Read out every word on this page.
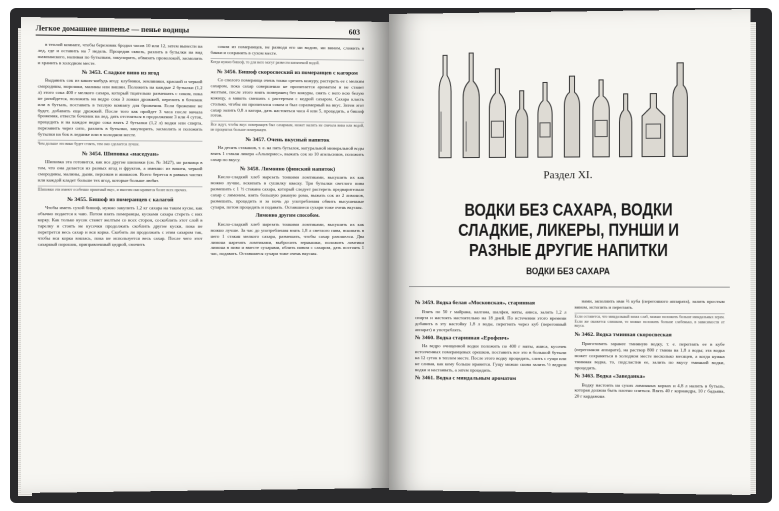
Легкое домашнее шипенье — пенье водицы	603

в теплой комнате, чтобы березовик бродил часов 10 или 12, затем вынести на лед, где и оставить на 7 недель. Процедив сквозь, разлить в бутылки на вид шампанского, наливая по бутылкам, закупорить, обвязать проволокой, засмолить и хранить в холодном месте.

№ 3453. Сладкое вино из ягод

Выдавить сок из каких-нибудь ягод: клубники, земляники, красной и черной смородины, морошки, малины или вишни. Положить на каждые 2 бутылки (1,2 л) этого сока 400 г мелкого сахара, который тщательно размешать с соком, пока не разойдется, положить на ведро сока 3 ложки дрожжей, перелить в бочонок или в бутыль, поставить в теплую комнату для брожения. Если брожение не будет, добавить еще дрожжей. После того как пройдет 3 часа после начала брожения, отвести бочонок на лед, дать отстояться в продолжение 3 или 4 суток, процедить и на каждое ведро сока взять 2 бутылки (1,2 л) водки или спирта, перезавить через сито, разлить в бутылки, закупорить, засмолить и положить бутылки на бок в леднике или в холодном месте.

Чем дольше это вино будет стоять, тем оно сделается лучше.
№ 3454. Шиповка «наседуан»

Шиповка эта готовится, как все другие шиповки (см. № 3427), но разница в том, что она делается из разных ягод и фруктов, а именно: из вишен, черной смородины, малины, дыни, персиков и ананасов. Всего берется в равных частях или каждой кладет больше тех ягод, которые больше любят.

Шиповки эти имеют особенно приятный вкус, и многим они нравятся более всех прочих.
№ 3455. Бишоф из померанцев с калагой

Чтобы иметь сухой бишоф, нужно закупить 1,2 кг сахара на таком куске, как обычно подается к чаю. Потом взять померанцы, кусками сахара стереть с них корку. Как только кусок станет желтым со всех сторон, соскоблить этот слой в тарелку и стоять не кусочки продолжать скоблить другие куски, пока не перетрется весь сахар и вся корка. Скобить ли продолжать с этим сахаром так, чтобы вся корка взялась, пока не используется весь сахар. После чего этот сахарный порошок, приправленный цедрой, смочить

соком из померанцев, не разводя его ни водою, ни вином, сложить в банки и сохранить в сухом месте.

Когда нужно бишоф, то для него могут развести кипяченой водой.
№ 3456. Бишоф скоросвеский из померанцев с кагором

Со спелого померанца очень тонко срезать кожуру, растереть ее с мелким сахаром, пока сахар совершенно не пропитается ароматом и не станет желтым, после этого взять померанец без кожуры, снять с него всю белую кожицу, а мякоть смешать с растертым с кедрой сахаром. Сахара класть столько, чтобы он пропитался соком и был соразмерный на вкус. Затем этот сахар залить 0,8 л кагора, дать настояться часа 4 или 5, процедить, а бишоф готов.

Все ждут, чтобы вкус померанцев был сахарным, может налить не сначала вина или водой, не процентах больше померанцев.
№ 3457. Очень вкусный напиток

На десять стаканов, т. е. на пять бутылок, натуральной минеральной воды взять 1 стакан ликера «Альпермес», выжать сок из 10 апельсинов, положить сахар по вкусу.

№ 3458. Лимонно (финский напиток)

Кисло-сладкий хлеб нарезать тонкими ломтиками, высушить их как можно лучше, вскипать в сушилку кваску. Три бутылки светлого пива размешать с 1 ½ стакана сахара, который следует растереть предварительно сахар с лимоном, взять большую ржаную рома, выжать сок из 2 лимонов, размешать, процедить и за ночь до употребления обвить высушенные сухари, потом процедить и подавать. Оставшиеся сухари тоже очень вкусны.

Лимонно другим способом.

Кисло-сладкий хлеб нарезать тонкими ломтиками, высушить их как можно лучше. За час до употребления взять 1,8 л светлого пива, вскипать в него 1 стакан мелкого сахара, размешать, чтобы сахар разошелся. Два лимона нарезать ломтиками, выбросить зернышки, положить ломтики лимона в пиво и вместе сухарями, облить пивом с сахаром, дать постоять 1 час, подавать. Оставшиеся сухари тоже очень вкусны.

Раздел XI.
ВОДКИ БЕЗ САХАРА, ВОДКИ СЛАДКИЕ, ЛИКЕРЫ, ПУНШИ И РАЗНЫЕ ДРУГИЕ НАПИТКИ
ВОДКИ БЕЗ САХАРА
№ 3459. Водка белая «Московская», старинная

Взять по 50 г майрана, калгана, шалфея, мяты, аниса, залить 1,2 л спирта и настоять настоятельно на 18 дней. По истечении этого времени добавить в эту настойку 1,8 л воды, перегнать через куб (перегонный аппарат) и употреблять.

№ 3460. Водка старинная «Ерофеич»

На ведро очищенной водки положить по 400 г мяты, аниса, кусочек истолченных померанцевых орешков, поставить все это в большой бутыли на 12 суток в теплом месте. После этого водку процедить, слить с гущи или не сливая, как кому больше нравится. Гущу можно снова залить ½ ведром водки и настаивать, а затем процедить.

№ 3461. Водка с миндальным ароматом

нами, заполнить ими ⅔ куба (перегонного аппарата), залить простым вином, истопить и перегнать.

Если останется, что миндальный запах слаб, можно положить больше миндальных зерен. Если же окажется слишком, то можно положить больше слабенько, в зависимости от вкуса.
№ 3462. Водка тминная скоросвеская

Приготовить заранее тминную водку, т. е. перегнать ее в кубе (перегонном аппарате), на раствор 800 г тмина на 1,8 л воды; эта водка может сохраняться в холодном месте несколько месяцев, а когда нужна тминная водка, то, подсластив ее, залить по вкусу тминной водки, процедить.

№ 3463. Водка «Заведанка»

Водку настоить на сухих лимонных корках и 4,8 л налить в бутыль, которая должна быть плотно спиться. Взять 40 г кориандра, 10 г бадьяна, 20 г кардамона.
